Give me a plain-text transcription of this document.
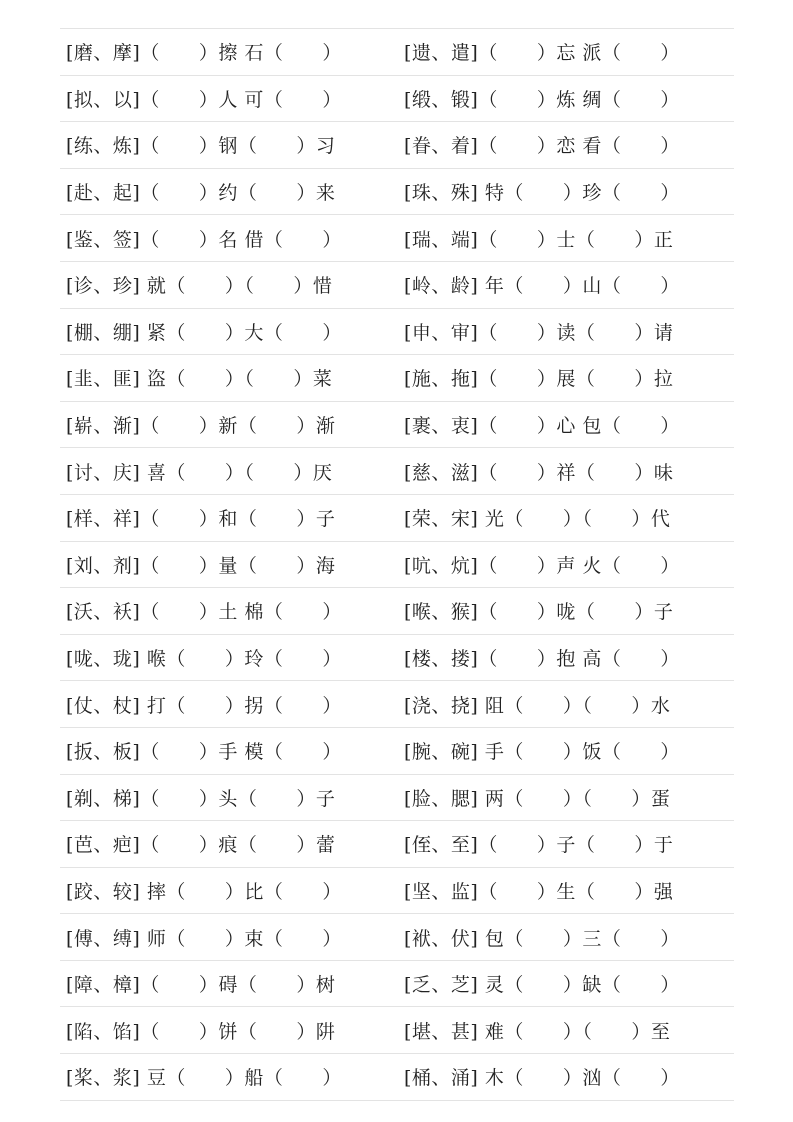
[磨、摩]（　　）擦 石（　　）	[遗、遣]（　　）忘 派（　　）
[拟、以]（　　）人 可（　　）	[缎、锻]（　　）炼 绸（　　）
[练、炼]（　　）钢（　　）习	[眷、着]（　　）恋 看（　　）
[赴、起]（　　）约（　　）来	[珠、殊] 特（　　）珍（　　）
[鉴、签]（　　）名 借（　　）	[瑞、端]（　　）士（　　）正
[诊、珍] 就（　　）（　　）惜	[岭、龄] 年（　　）山（　　）
[棚、绷] 紧（　　）大（　　）	[申、审]（　　）读（　　）请
[韭、匪] 盗（　　）（　　）菜	[施、拖]（　　）展（　　）拉
[崭、渐]（　　）新（　　）渐	[裹、衷]（　　）心 包（　　）
[讨、庆] 喜（　　）（　　）厌	[慈、滋]（　　）祥（　　）味
[样、祥]（　　）和（　　）子	[荣、宋] 光（　　）（　　）代
[刘、剂]（　　）量（　　）海	[吭、炕]（　　）声 火（　　）
[沃、袄]（　　）土 棉（　　）	[喉、猴]（　　）咙（　　）子
[咙、珑] 喉（　　）玲（　　）	[楼、搂]（　　）抱 高（　　）
[仗、杖] 打（　　）拐（　　）	[浇、挠] 阻（　　）（　　）水
[扳、板]（　　）手 模（　　）	[腕、碗] 手（　　）饭（　　）
[剃、梯]（　　）头（　　）子	[脸、腮] 两（　　）（　　）蛋
[芭、疤]（　　）痕（　　）蕾	[侄、至]（　　）子（　　）于
[跤、较] 摔（　　）比（　　）	[坚、监]（　　）生（　　）强
[傅、缚] 师（　　）束（　　）	[袱、伏] 包（　　）三（　　）
[障、樟]（　　）碍（　　）树	[乏、芝] 灵（　　）缺（　　）
[陷、馅]（　　）饼（　　）阱	[堪、甚] 难（　　）（　　）至
[桨、浆] 豆（　　）船（　　）	[桶、涌] 木（　　）汹（　　）
